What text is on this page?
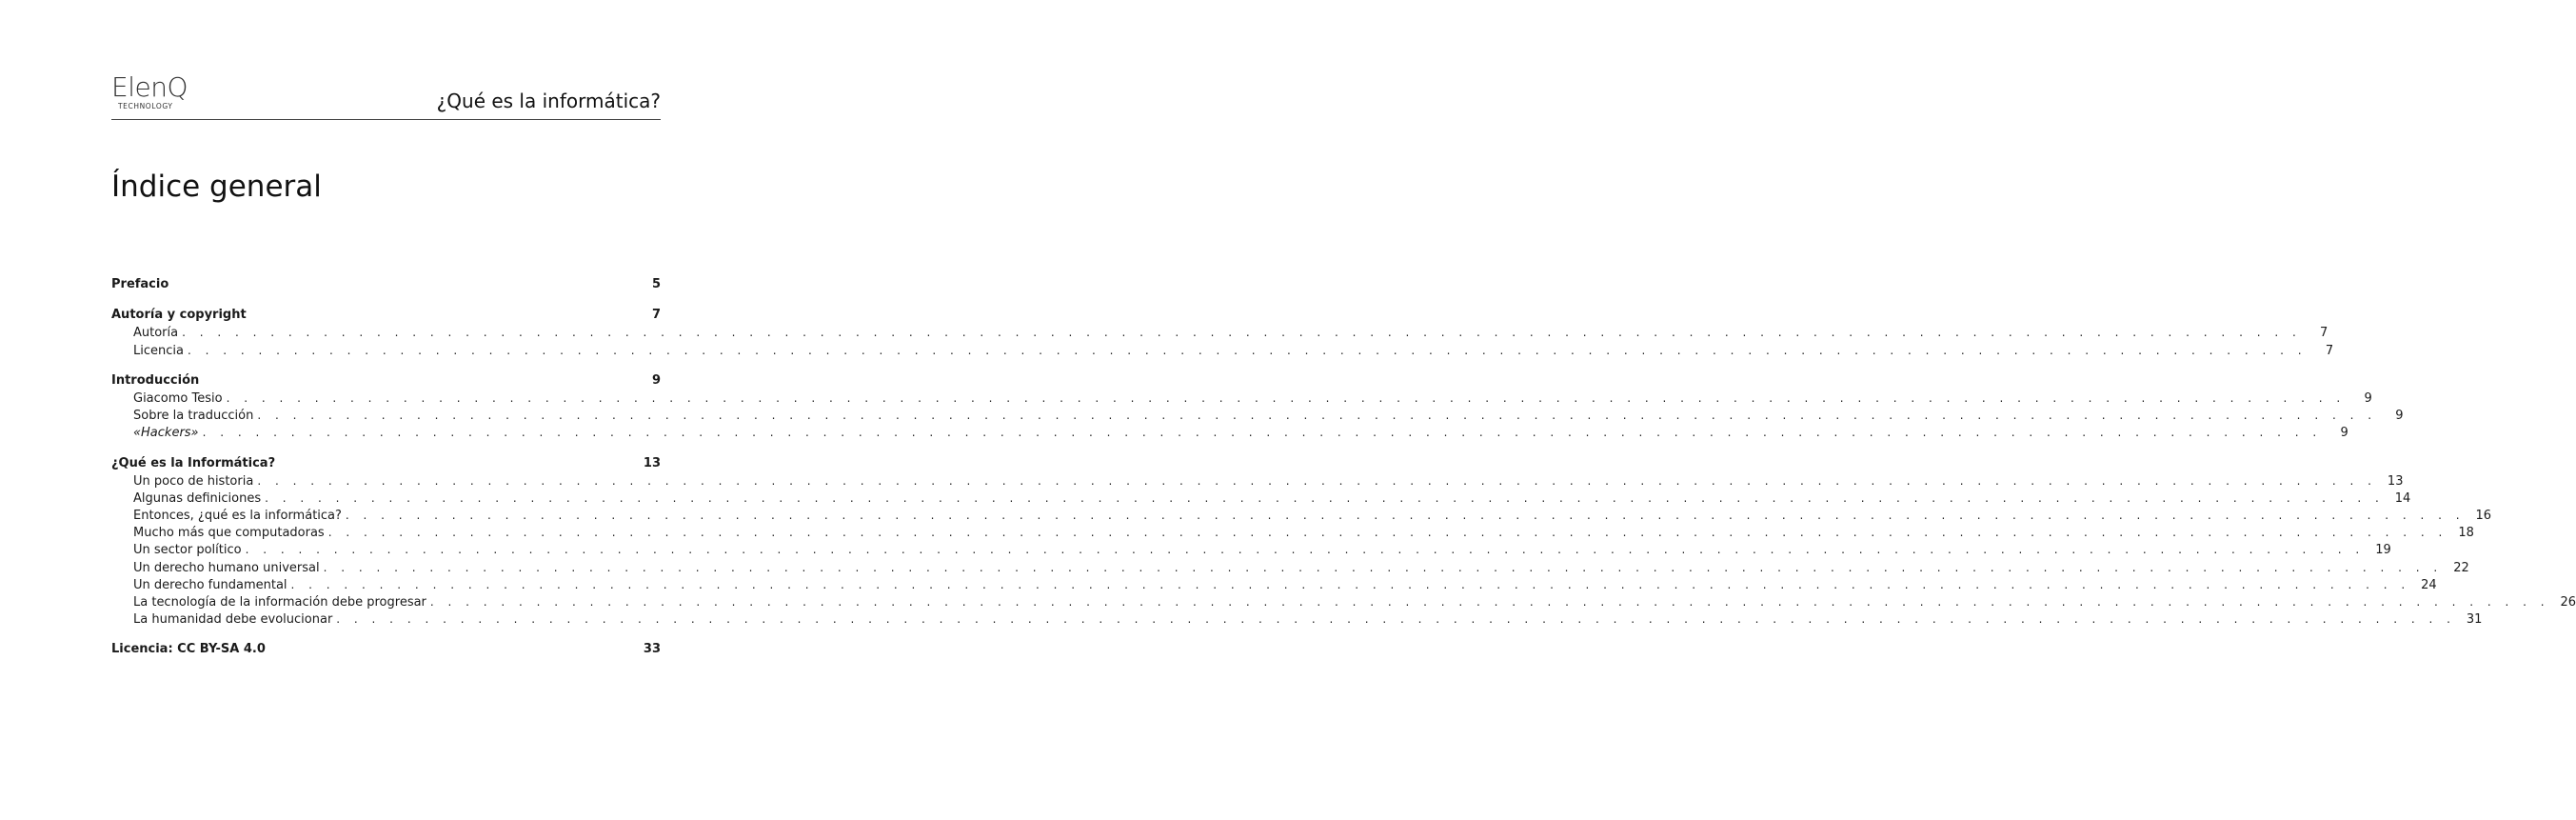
ElenQ
TECHNOLOGY	¿Qué es la informática?
Índice general
Prefacio	5
Autoría y copyright	7
Autoría . . . . . . . . . . . . . . . . . . . . . . . . . . . . . . . . . . . . . . . . . . . . . . . . . . . . . . . . . . . . . . . . . . . . . . . . . . . . . . . . . . . . . . . . . . . . . . . . . . . . . . . . . . . . . . . . . . . . . . . .	7
Licencia . . . . . . . . . . . . . . . . . . . . . . . . . . . . . . . . . . . . . . . . . . . . . . . . . . . . . . . . . . . . . . . . . . . . . . . . . . . . . . . . . . . . . . . . . . . . . . . . . . . . . . . . . . . . . . . . . . . . . . . .	7
Introducción	9
Giacomo Tesio . . . . . . . . . . . . . . . . . . . . . . . . . . . . . . . . . . . . . . . . . . . . . . . . . . . . . . . . . . . . . . . . . . . . . . . . . . . . . . . . . . . . . . . . . . . . . . . . . . . . . . . . . . . . . . . . . . . . . . . .	9
Sobre la traducción . . . . . . . . . . . . . . . . . . . . . . . . . . . . . . . . . . . . . . . . . . . . . . . . . . . . . . . . . . . . . . . . . . . . . . . . . . . . . . . . . . . . . . . . . . . . . . . . . . . . . . . . . . . . . . . . . . . . . . . .	9
«Hackers» . . . . . . . . . . . . . . . . . . . . . . . . . . . . . . . . . . . . . . . . . . . . . . . . . . . . . . . . . . . . . . . . . . . . . . . . . . . . . . . . . . . . . . . . . . . . . . . . . . . . . . . . . . . . . . . . . . . . . . . .	9
¿Qué es la Informática?	13
Un poco de historia . . . . . . . . . . . . . . . . . . . . . . . . . . . . . . . . . . . . . . . . . . . . . . . . . . . . . . . . . . . . . . . . . . . . . . . . . . . . . . . . . . . . . . . . . . . . . . . . . . . . . . . . . . . . . . . . . . . . . . . . 13
Algunas definiciones . . . . . . . . . . . . . . . . . . . . . . . . . . . . . . . . . . . . . . . . . . . . . . . . . . . . . . . . . . . . . . . . . . . . . . . . . . . . . . . . . . . . . . . . . . . . . . . . . . . . . . . . . . . . . . . . . . . . . . . . 14
Entonces, ¿qué es la informática? . . . . . . . . . . . . . . . . . . . . . . . . . . . . . . . . . . . . . . . . . . . . . . . . . . . . . . . . . . . . . . . . . . . . . . . . . . . . . . . . . . . . . . . . . . . . . . . . . . . . . . . . . . . . . . . . . . . . . . . . 16
Mucho más que computadoras . . . . . . . . . . . . . . . . . . . . . . . . . . . . . . . . . . . . . . . . . . . . . . . . . . . . . . . . . . . . . . . . . . . . . . . . . . . . . . . . . . . . . . . . . . . . . . . . . . . . . . . . . . . . . . . . . . . . . . . . 18
Un sector político . . . . . . . . . . . . . . . . . . . . . . . . . . . . . . . . . . . . . . . . . . . . . . . . . . . . . . . . . . . . . . . . . . . . . . . . . . . . . . . . . . . . . . . . . . . . . . . . . . . . . . . . . . . . . . . . . . . . . . . . 19
Un derecho humano universal . . . . . . . . . . . . . . . . . . . . . . . . . . . . . . . . . . . . . . . . . . . . . . . . . . . . . . . . . . . . . . . . . . . . . . . . . . . . . . . . . . . . . . . . . . . . . . . . . . . . . . . . . . . . . . . . . . . . . . . . 22
Un derecho fundamental . . . . . . . . . . . . . . . . . . . . . . . . . . . . . . . . . . . . . . . . . . . . . . . . . . . . . . . . . . . . . . . . . . . . . . . . . . . . . . . . . . . . . . . . . . . . . . . . . . . . . . . . . . . . . . . . . . . . . . . . 24
La tecnología de la información debe progresar . . . . . . . . . . . . . . . . . . . . . . . . . . . . . . . . . . . . . . . . . . . . . . . . . . . . . . . . . . . . . . . . . . . . . . . . . . . . . . . . . . . . . . . . . . . . . . . . . . . . . . . . . . . . . . . . . . . . . . . . 26
La humanidad debe evolucionar . . . . . . . . . . . . . . . . . . . . . . . . . . . . . . . . . . . . . . . . . . . . . . . . . . . . . . . . . . . . . . . . . . . . . . . . . . . . . . . . . . . . . . . . . . . . . . . . . . . . . . . . . . . . . . . . . . . . . . . . 31
Licencia: CC BY-SA 4.0	33
